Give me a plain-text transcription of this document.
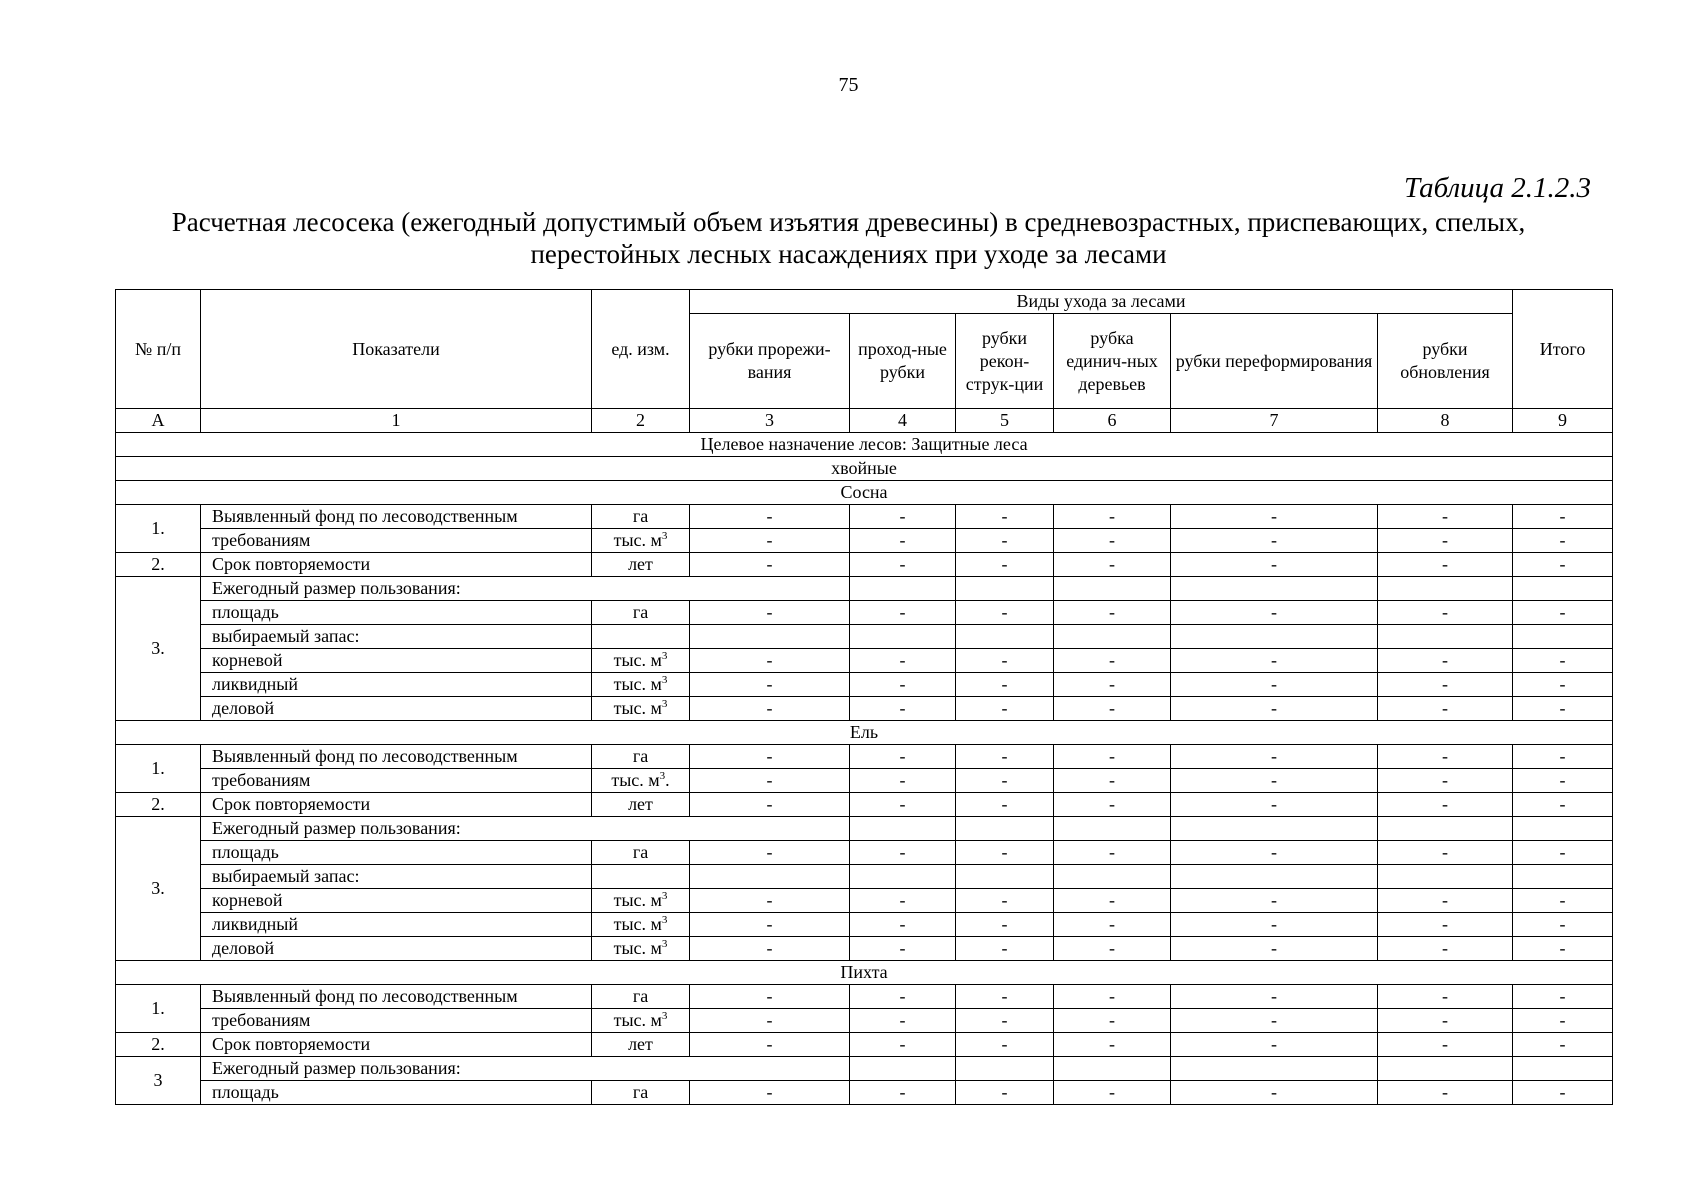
75
Таблица 2.1.2.3
Расчетная лесосека (ежегодный допустимый объем изъятия древесины) в средневозрастных, приспевающих, спелых,
перестойных лесных насаждениях при уходе за лесами
№ п/п	Показатели	ед. изм.	Виды ухода за лесами						Итого
			рубки прорежи-вания	проход-ные рубки	рубки рекон-струк-ции	рубка единич-ных деревьев	рубки переформирования	рубки обновления	
А	1	2	3	4	5	6	7	8	9
Целевое назначение лесов: Защитные леса									
хвойные									
Сосна									
1.	Выявленный фонд по лесоводственным	га	-	-	-	-	-	-	-
	требованиям	тыс. $м^3$	-	-	-	-	-	-	-
2.	Срок повторяемости	лет	-	-	-	-	-	-	-
3.	Ежегодный размер пользования:								
	площадь	га	-	-	-	-	-	-	-
	выбираемый запас:								
	корневой	тыс. $м^3$	-	-	-	-	-	-	-
	ликвидный	тыс. $м^3$	-	-	-	-	-	-	-
	деловой	тыс. $м^3$	-	-	-	-	-	-	-
Ель									
1.	Выявленный фонд по лесоводственным	га	-	-	-	-	-	-	-
	требованиям	тыс. $м^3$.	-	-	-	-	-	-	-
2.	Срок повторяемости	лет	-	-	-	-	-	-	-
3.	Ежегодный размер пользования:								
	площадь	га	-	-	-	-	-	-	-
	выбираемый запас:								
	корневой	тыс. $м^3$	-	-	-	-	-	-	-
	ликвидный	тыс. $м^3$	-	-	-	-	-	-	-
	деловой	тыс. $м^3$	-	-	-	-	-	-	-
Пихта									
1.	Выявленный фонд по лесоводственным	га	-	-	-	-	-	-	-
	требованиям	тыс. $м^3$	-	-	-	-	-	-	-
2.	Срок повторяемости	лет	-	-	-	-	-	-	-
3	Ежегодный размер пользования:								
	площадь	га	-	-	-	-	-	-	-
